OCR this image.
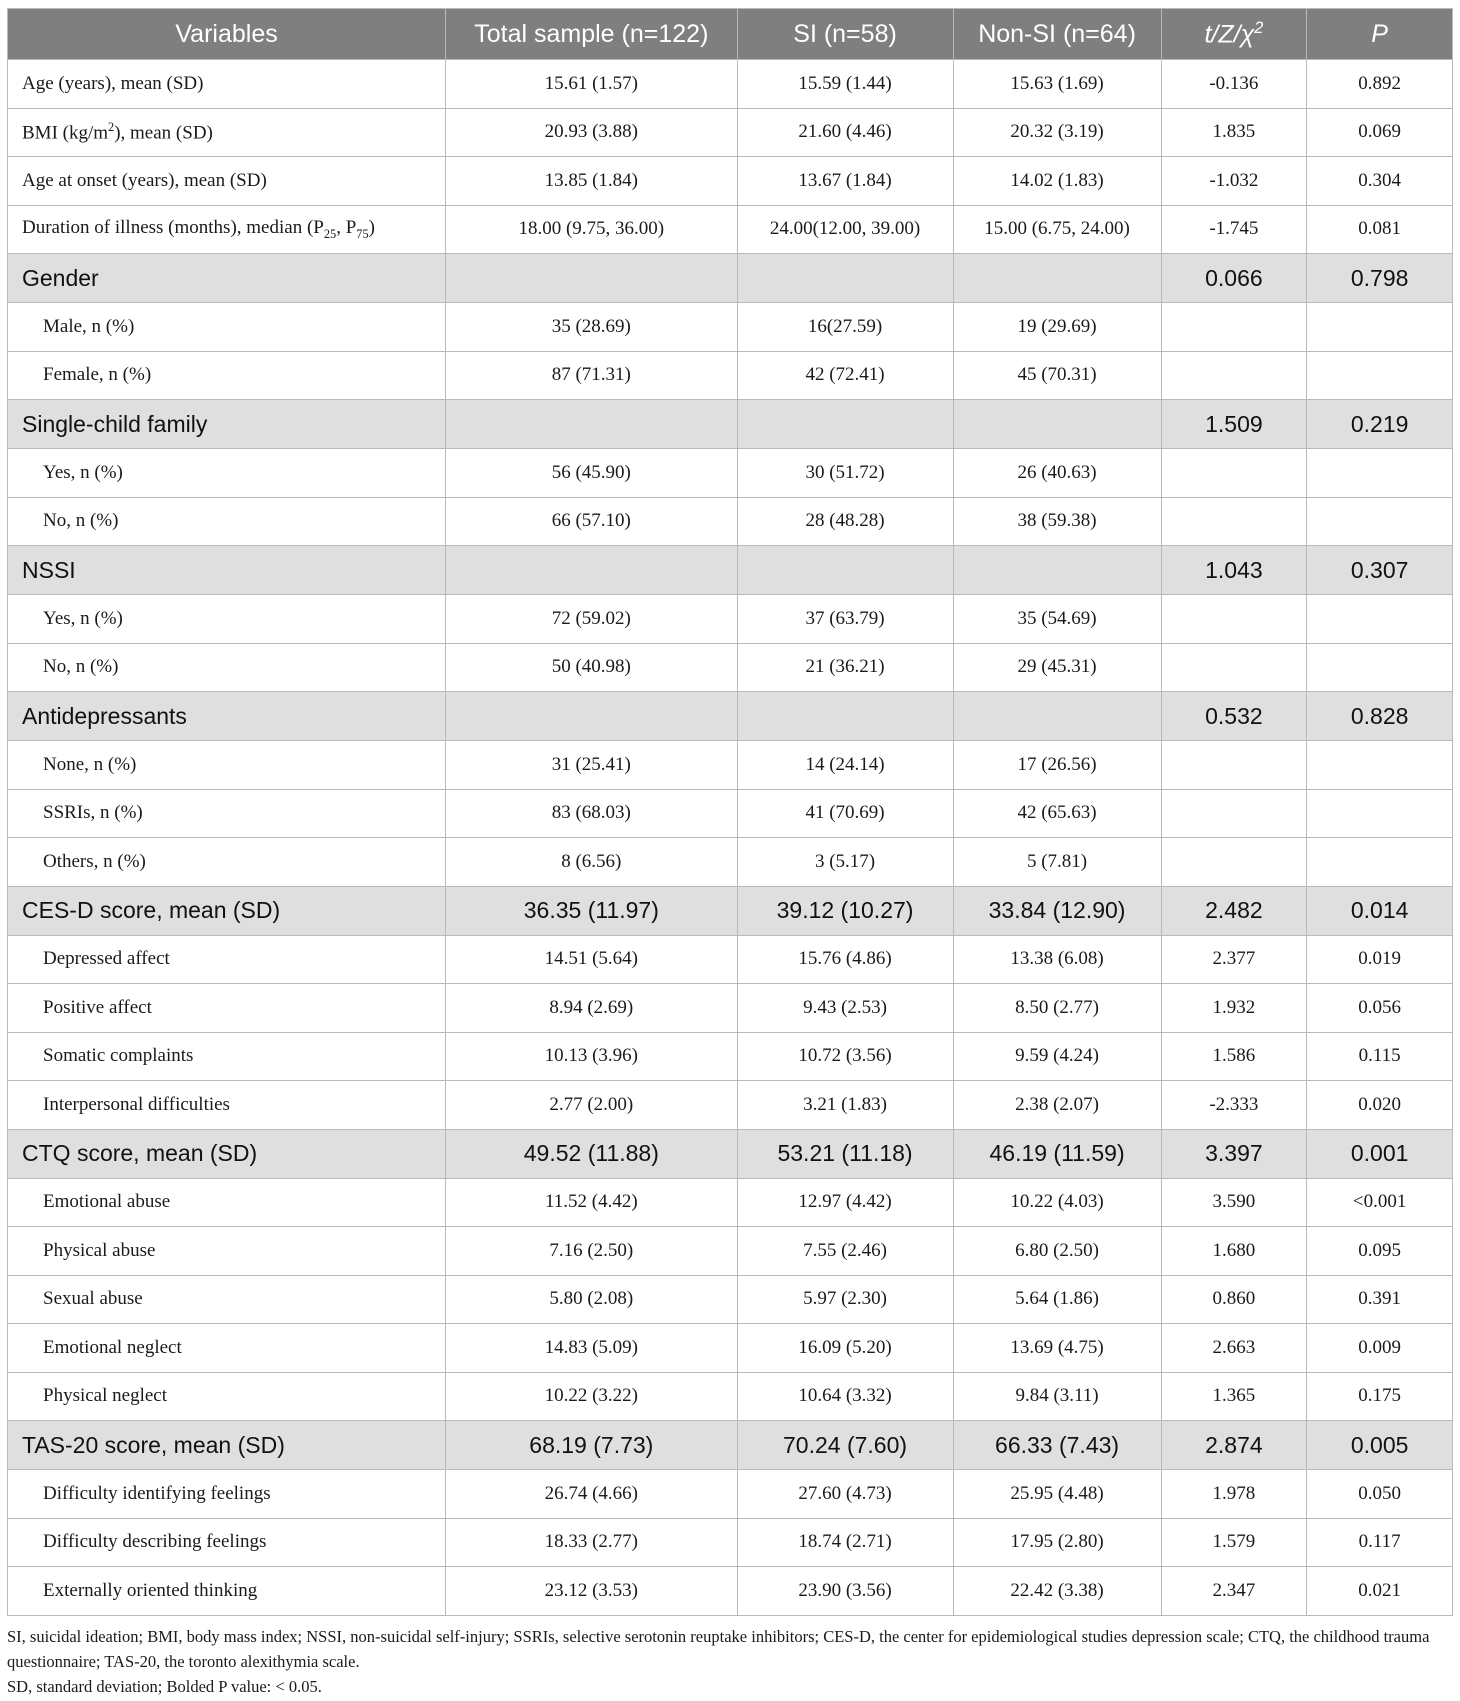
Variables	Total sample (n=122)	SI (n=58)	Non-SI (n=64)	$t/Z/\chi^2$	P
Age (years), mean (SD)	15.61 (1.57)	15.59 (1.44)	15.63 (1.69)	-0.136	0.892
BMI $(kg/m^2)$, mean (SD)	20.93 (3.88)	21.60 (4.46)	20.32 (3.19)	1.835	0.069
Age at onset (years), mean (SD)	13.85 (1.84)	13.67 (1.84)	14.02 (1.83)	-1.032	0.304
Duration of illness (months), median ($P_{25}$, $P_{75}$)	18.00 (9.75, 36.00)	24.00(12.00, 39.00)	15.00 (6.75, 24.00)	-1.745	0.081
Gender				0.066	0.798
Male, n (%)	35 (28.69)	16(27.59)	19 (29.69)		
Female, n (%)	87 (71.31)	42 (72.41)	45 (70.31)		
Single-child family				1.509	0.219
Yes, n (%)	56 (45.90)	30 (51.72)	26 (40.63)		
No, n (%)	66 (57.10)	28 (48.28)	38 (59.38)		
NSSI				1.043	0.307
Yes, n (%)	72 (59.02)	37 (63.79)	35 (54.69)		
No, n (%)	50 (40.98)	21 (36.21)	29 (45.31)		
Antidepressants				0.532	0.828
None, n (%)	31 (25.41)	14 (24.14)	17 (26.56)		
SSRIs, n (%)	83 (68.03)	41 (70.69)	42 (65.63)		
Others, n (%)	8 (6.56)	3 (5.17)	5 (7.81)		
CES-D score, mean (SD)	36.35 (11.97)	39.12 (10.27)	33.84 (12.90)	2.482	0.014
Depressed affect	14.51 (5.64)	15.76 (4.86)	13.38 (6.08)	2.377	0.019
Positive affect	8.94 (2.69)	9.43 (2.53)	8.50 (2.77)	1.932	0.056
Somatic complaints	10.13 (3.96)	10.72 (3.56)	9.59 (4.24)	1.586	0.115
Interpersonal difficulties	2.77 (2.00)	3.21 (1.83)	2.38 (2.07)	-2.333	0.020
CTQ score, mean (SD)	49.52 (11.88)	53.21 (11.18)	46.19 (11.59)	3.397	0.001
Emotional abuse	11.52 (4.42)	12.97 (4.42)	10.22 (4.03)	3.590	<0.001
Physical abuse	7.16 (2.50)	7.55 (2.46)	6.80 (2.50)	1.680	0.095
Sexual abuse	5.80 (2.08)	5.97 (2.30)	5.64 (1.86)	0.860	0.391
Emotional neglect	14.83 (5.09)	16.09 (5.20)	13.69 (4.75)	2.663	0.009
Physical neglect	10.22 (3.22)	10.64 (3.32)	9.84 (3.11)	1.365	0.175
TAS-20 score, mean (SD)	68.19 (7.73)	70.24 (7.60)	66.33 (7.43)	2.874	0.005
Difficulty identifying feelings	26.74 (4.66)	27.60 (4.73)	25.95 (4.48)	1.978	0.050
Difficulty describing feelings	18.33 (2.77)	18.74 (2.71)	17.95 (2.80)	1.579	0.117
Externally oriented thinking	23.12 (3.53)	23.90 (3.56)	22.42 (3.38)	2.347	0.021

SI, suicidal ideation; BMI, body mass index; NSSI, non-suicidal self-injury; SSRIs, selective serotonin reuptake inhibitors; CES-D, the center for epidemiological studies depression scale; CTQ, the childhood trauma questionnaire; TAS-20, the toronto alexithymia scale.

SD, standard deviation; Bolded P value: < 0.05.
